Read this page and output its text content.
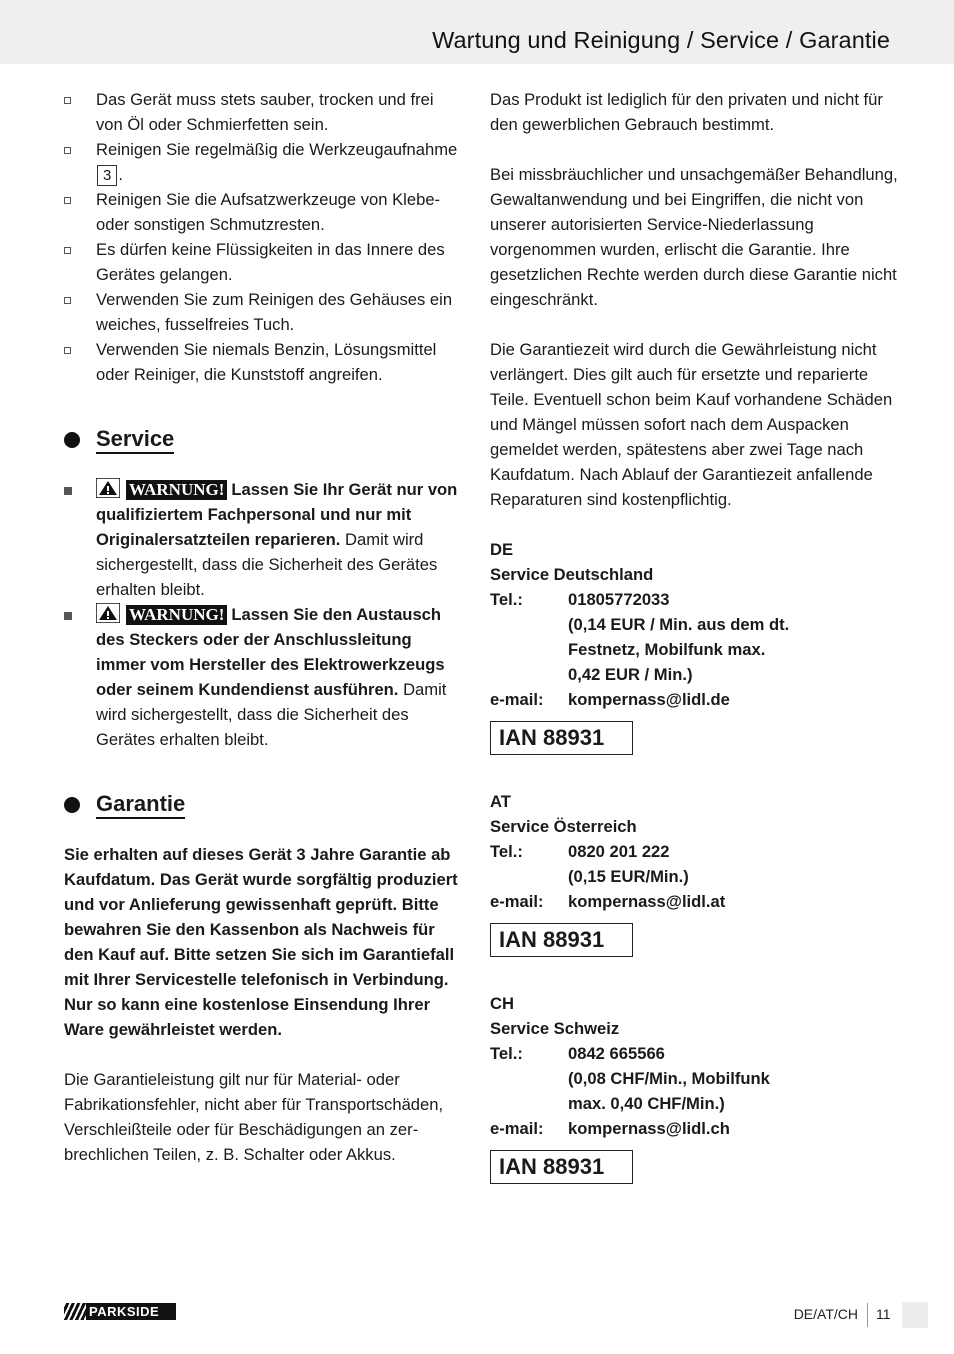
Wartung und Reinigung / Service / Garantie
Das Gerät muss stets sauber, trocken und frei von Öl oder Schmierfetten sein.
Reinigen Sie regelmäßig die Werkzeugaufnahme 3 .
Reinigen Sie die Aufsatzwerkzeuge von Klebe- oder sonstigen Schmutzresten.
Es dürfen keine Flüssigkeiten in das Innere des Gerätes gelangen.
Verwenden Sie zum Reinigen des Gehäuses ein weiches, fusselfreies Tuch.
Verwenden Sie niemals Benzin, Lösungsmittel oder Reiniger, die Kunststoff angreifen.
Service
WARNUNG! Lassen Sie Ihr Gerät nur von qualifiziertem Fachpersonal und nur mit Originalersatzteilen reparieren. Damit wird sichergestellt, dass die Sicherheit des Gerätes erhalten bleibt.
WARNUNG! Lassen Sie den Austausch des Steckers oder der Anschlussleitung immer vom Hersteller des Elektrowerkzeugs oder seinem Kundendienst ausführen. Damit wird sichergestellt, dass die Sicherheit des Gerätes erhalten bleibt.
Garantie

Sie erhalten auf dieses Gerät 3 Jahre Garantie ab Kaufdatum. Das Gerät wurde sorgfältig produziert und vor Anlieferung gewissenhaft geprüft. Bitte bewahren Sie den Kassenbon als Nachweis für den Kauf auf. Bitte setzen Sie sich im Garantiefall mit Ihrer Servicestelle telefonisch in Verbindung. Nur so kann eine kostenlose Einsendung Ihrer Ware gewährleistet werden.

Die Garantieleistung gilt nur für Material- oder Fabrikationsfehler, nicht aber für Transportschäden, Verschleißteile oder für Beschädigungen an zerbrechlichen Teilen, z. B. Schalter oder Akkus.

Das Produkt ist lediglich für den privaten und nicht für den gewerblichen Gebrauch bestimmt.

Bei missbräuchlicher und unsachgemäßer Behandlung, Gewaltanwendung und bei Eingriffen, die nicht von unserer autorisierten Service-Niederlassung vorgenommen wurden, erlischt die Garantie. Ihre gesetzlichen Rechte werden durch diese Garantie nicht eingeschränkt.

Die Garantiezeit wird durch die Gewährleistung nicht verlängert. Dies gilt auch für ersetzte und reparierte Teile. Eventuell schon beim Kauf vorhandene Schäden und Mängel müssen sofort nach dem Auspacken gemeldet werden, spätestens aber zwei Tage nach Kaufdatum. Nach Ablauf der Garantiezeit anfallende Reparaturen sind kostenpflichtig.

DE
Service Deutschland
Tel.:	01805772033
(0,14 EUR / Min. aus dem dt.
Festnetz, Mobilfunk max.
0,42 EUR / Min.)
e-mail: kompernass@lidl.de
IAN 88931
AT
Service Österreich
Tel.:	0820 201 222
(0,15 EUR/Min.)
e-mail: kompernass@lidl.at
IAN 88931
CH
Service Schweiz
Tel.:	0842 665566
(0,08 CHF/Min., Mobilfunk
max. 0,40 CHF/Min.)
e-mail: kompernass@lidl.ch
IAN 88931
PARKSIDE	DE/AT/CH 11
